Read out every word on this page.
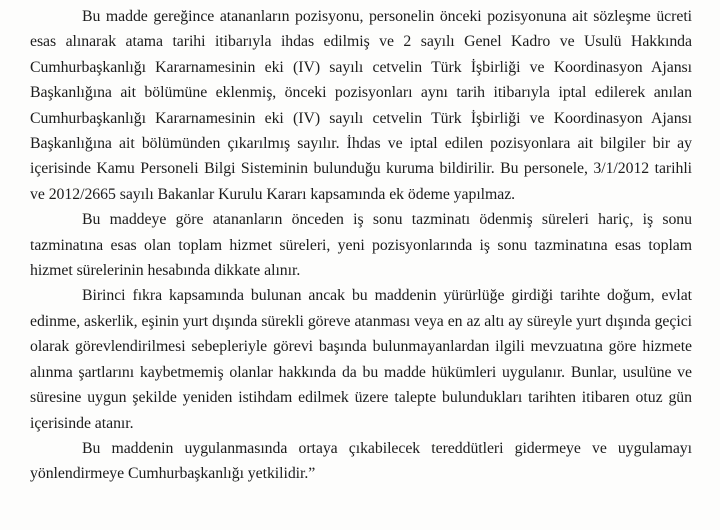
Bu madde gereğince atananların pozisyonu, personelin önceki pozisyonuna ait sözleşme ücreti esas alınarak atama tarihi itibarıyla ihdas edilmiş ve 2 sayılı Genel Kadro ve Usulü Hakkında Cumhurbaşkanlığı Kararnamesinin eki (IV) sayılı cetvelin Türk İşbirliği ve Koordinasyon Ajansı Başkanlığına ait bölümüne eklenmiş, önceki pozisyonları aynı tarih itibarıyla iptal edilerek anılan Cumhurbaşkanlığı Kararnamesinin eki (IV) sayılı cetvelin Türk İşbirliği ve Koordinasyon Ajansı Başkanlığına ait bölümünden çıkarılmış sayılır. İhdas ve iptal edilen pozisyonlara ait bilgiler bir ay içerisinde Kamu Personeli Bilgi Sisteminin bulunduğu kuruma bildirilir. Bu personele, 3/1/2012 tarihli ve 2012/2665 sayılı Bakanlar Kurulu Kararı kapsamında ek ödeme yapılmaz.

Bu maddeye göre atananların önceden iş sonu tazminatı ödenmiş süreleri hariç, iş sonu tazminatına esas olan toplam hizmet süreleri, yeni pozisyonlarında iş sonu tazminatına esas toplam hizmet sürelerinin hesabında dikkate alınır.

Birinci fıkra kapsamında bulunan ancak bu maddenin yürürlüğe girdiği tarihte doğum, evlat edinme, askerlik, eşinin yurt dışında sürekli göreve atanması veya en az altı ay süreyle yurt dışında geçici olarak görevlendirilmesi sebepleriyle görevi başında bulunmayanlardan ilgili mevzuatına göre hizmete alınma şartlarını kaybetmemiş olanlar hakkında da bu madde hükümleri uygulanır. Bunlar, usulüne ve süresine uygun şekilde yeniden istihdam edilmek üzere talepte bulundukları tarihten itibaren otuz gün içerisinde atanır.

Bu maddenin uygulanmasında ortaya çıkabilecek tereddütleri gidermeye ve uygulamayı yönlendirmeye Cumhurbaşkanlığı yetkilidir.”
